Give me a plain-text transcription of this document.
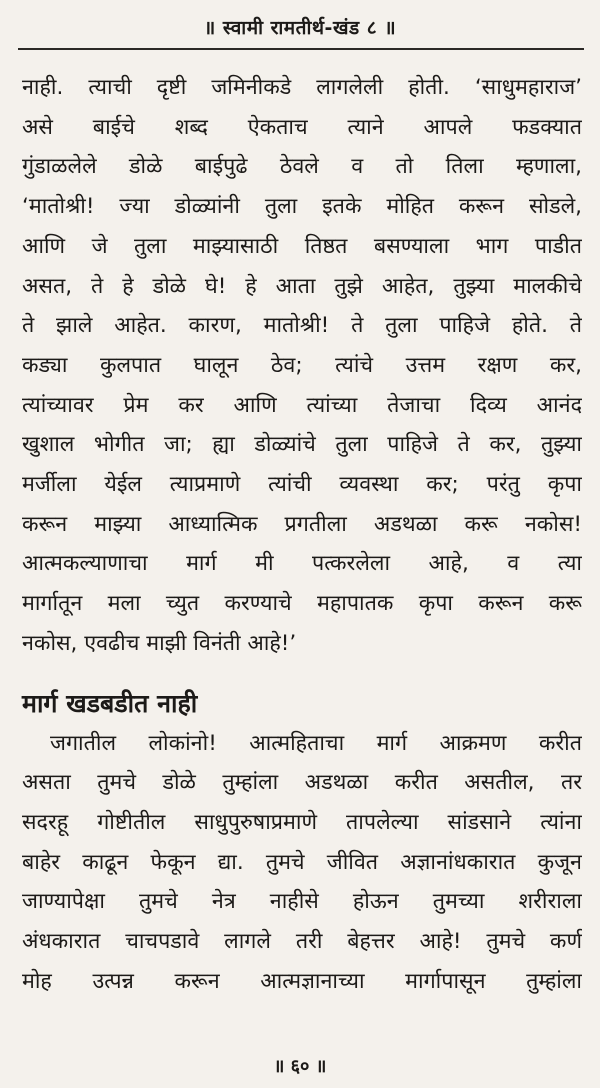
॥ स्वामी रामतीर्थ-खंड ८ ॥
नाही. त्याची दृष्टी जमिनीकडे लागलेली होती. ‘साधुमहाराज’
असे बाईचे शब्द ऐकताच त्याने आपले फडक्यात
गुंडाळलेले डोळे बाईपुढे ठेवले व तो तिला म्हणाला,
‘मातोश्री! ज्या डोळ्यांनी तुला इतके मोहित करून सोडले,
आणि जे तुला माझ्यासाठी तिष्ठत बसण्याला भाग पाडीत
असत, ते हे डोळे घे! हे आता तुझे आहेत, तुझ्या मालकीचे
ते झाले आहेत. कारण, मातोश्री! ते तुला पाहिजे होते. ते
कड्या कुलपात घालून ठेव; त्यांचे उत्तम रक्षण कर,
त्यांच्यावर प्रेम कर आणि त्यांच्या तेजाचा दिव्य आनंद
खुशाल भोगीत जा; ह्या डोळ्यांचे तुला पाहिजे ते कर, तुझ्या
मर्जीला येईल त्याप्रमाणे त्यांची व्यवस्था कर; परंतु कृपा
करून माझ्या आध्यात्मिक प्रगतीला अडथळा करू नकोस!
आत्मकल्याणाचा मार्ग मी पत्करलेला आहे, व त्या
मार्गातून मला च्युत करण्याचे महापातक कृपा करून करू
नकोस, एवढीच माझी विनंती आहे!’
मार्ग खडबडीत नाही
जगातील लोकांनो! आत्महिताचा मार्ग आक्रमण करीत
असता तुमचे डोळे तुम्हांला अडथळा करीत असतील, तर
सदरहू गोष्टीतील साधुपुरुषाप्रमाणे तापलेल्या सांडसाने त्यांना
बाहेर काढून फेकून द्या. तुमचे जीवित अज्ञानांधकारात कुजून
जाण्यापेक्षा तुमचे नेत्र नाहीसे होऊन तुमच्या शरीराला
अंधकारात चाचपडावे लागले तरी बेहत्तर आहे! तुमचे कर्ण
मोह उत्पन्न करून आत्मज्ञानाच्या मार्गापासून तुम्हांला
॥ ६० ॥
